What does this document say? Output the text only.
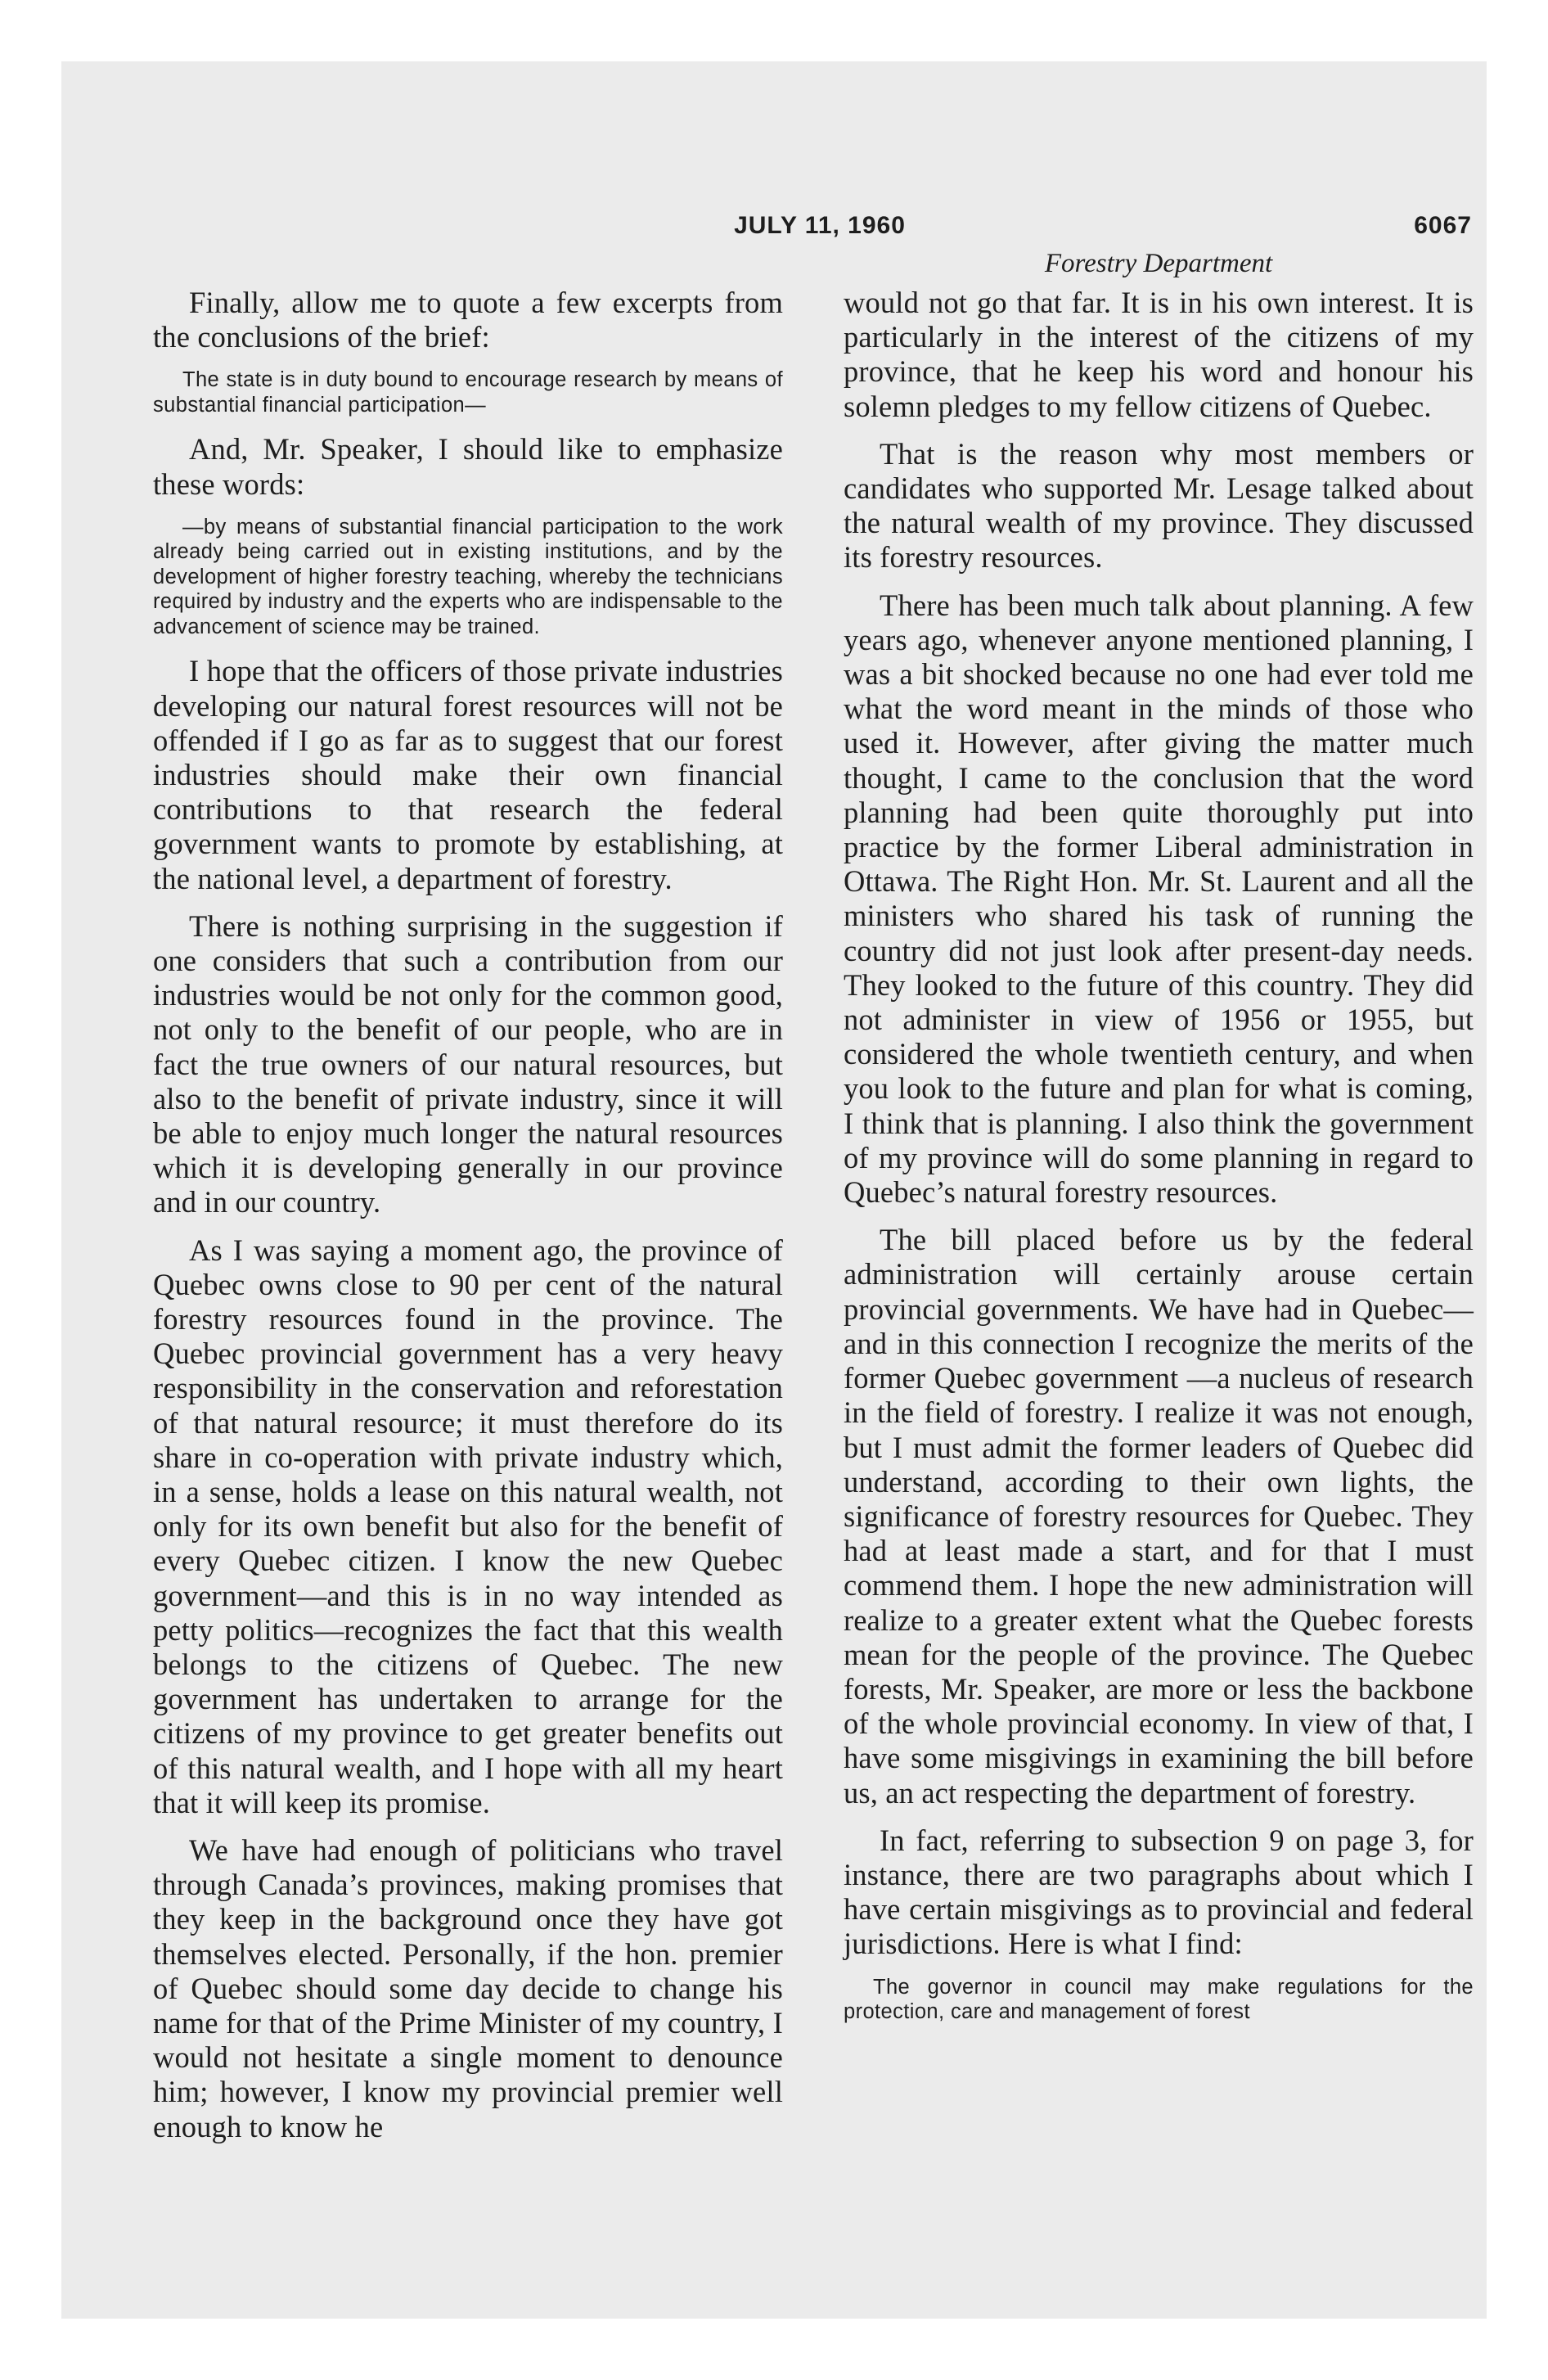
JULY 11, 1960	6067

Finally, allow me to quote a few excerpts from the conclusions of the brief:

The state is in duty bound to encourage research by means of substantial financial participation—

And, Mr. Speaker, I should like to emphasize these words:

—by means of substantial financial participation to the work already being carried out in existing institutions, and by the development of higher forestry teaching, whereby the technicians required by industry and the experts who are indispensable to the advancement of science may be trained.

I hope that the officers of those private industries developing our natural forest resources will not be offended if I go as far as to suggest that our forest industries should make their own financial contributions to that research the federal government wants to promote by establishing, at the national level, a department of forestry.

There is nothing surprising in the suggestion if one considers that such a contribution from our industries would be not only for the common good, not only to the benefit of our people, who are in fact the true owners of our natural resources, but also to the benefit of private industry, since it will be able to enjoy much longer the natural resources which it is developing generally in our province and in our country.

As I was saying a moment ago, the province of Quebec owns close to 90 per cent of the natural forestry resources found in the province. The Quebec provincial government has a very heavy responsibility in the conservation and reforestation of that natural resource; it must therefore do its share in co-operation with private industry which, in a sense, holds a lease on this natural wealth, not only for its own benefit but also for the benefit of every Quebec citizen. I know the new Quebec government—and this is in no way intended as petty politics—recognizes the fact that this wealth belongs to the citizens of Quebec. The new government has undertaken to arrange for the citizens of my province to get greater benefits out of this natural wealth, and I hope with all my heart that it will keep its promise.

We have had enough of politicians who travel through Canada’s provinces, making promises that they keep in the background once they have got themselves elected. Personally, if the hon. premier of Quebec should some day decide to change his name for that of the Prime Minister of my country, I would not hesitate a single moment to denounce him; however, I know my provincial premier well enough to know he

Forestry Department

would not go that far. It is in his own interest. It is particularly in the interest of the citizens of my province, that he keep his word and honour his solemn pledges to my fellow citizens of Quebec.

That is the reason why most members or candidates who supported Mr. Lesage talked about the natural wealth of my province. They discussed its forestry resources.

There has been much talk about planning. A few years ago, whenever anyone mentioned planning, I was a bit shocked because no one had ever told me what the word meant in the minds of those who used it. However, after giving the matter much thought, I came to the conclusion that the word planning had been quite thoroughly put into practice by the former Liberal administration in Ottawa. The Right Hon. Mr. St. Laurent and all the ministers who shared his task of running the country did not just look after present-day needs. They looked to the future of this country. They did not administer in view of 1956 or 1955, but considered the whole twentieth century, and when you look to the future and plan for what is coming, I think that is planning. I also think the government of my province will do some planning in regard to Quebec’s natural forestry resources.

The bill placed before us by the federal administration will certainly arouse certain provincial governments. We have had in Quebec—and in this connection I recognize the merits of the former Quebec government —a nucleus of research in the field of forestry. I realize it was not enough, but I must admit the former leaders of Quebec did understand, according to their own lights, the significance of forestry resources for Quebec. They had at least made a start, and for that I must commend them. I hope the new administration will realize to a greater extent what the Quebec forests mean for the people of the province. The Quebec forests, Mr. Speaker, are more or less the backbone of the whole provincial economy. In view of that, I have some misgivings in examining the bill before us, an act respecting the department of forestry.

In fact, referring to subsection 9 on page 3, for instance, there are two paragraphs about which I have certain misgivings as to provincial and federal jurisdictions. Here is what I find:

The governor in council may make regulations for the protection, care and management of forest
